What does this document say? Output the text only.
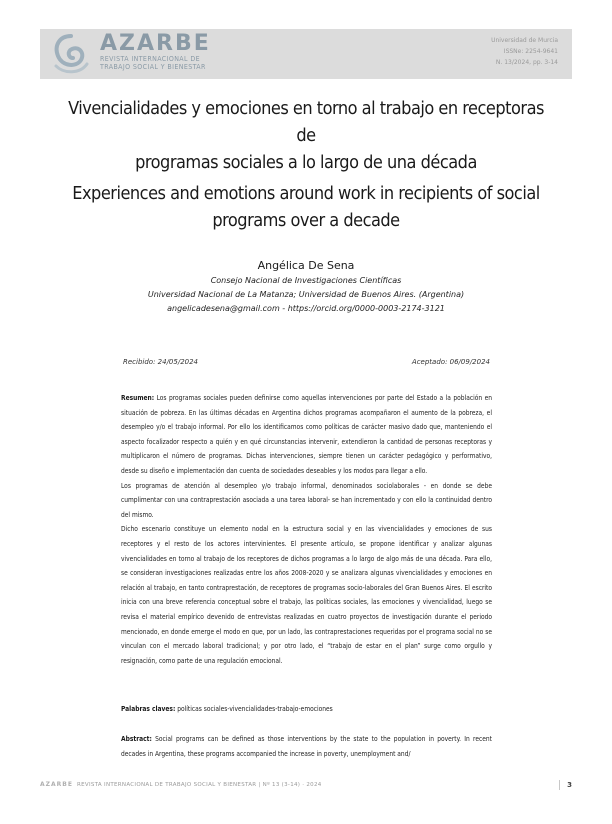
AZARBE
REVISTA INTERNACIONAL DE
TRABAJO SOCIAL Y BIENESTAR
Universidad de Murcia
ISSNe: 2254-9641
N. 13/2024, pp. 3-14
Vivencialidades y emociones en torno al trabajo en receptoras de
programas sociales a lo largo de una década
Experiences and emotions around work in recipients of social
programs over a decade
Angélica De Sena
Consejo Nacional de Investigaciones Científicas
Universidad Nacional de La Matanza; Universidad de Buenos Aires. (Argentina)
angelicadesena@gmail.com - https://orcid.org/0000-0003-2174-3121
Recibido: 24/05/2024	Aceptado: 06/09/2024

Resumen: Los programas sociales pueden definirse como aquellas intervenciones por parte del Estado a la población en situación de pobreza. En las últimas décadas en Argentina dichos programas acompañaron el aumento de la pobreza, el desempleo y/o el trabajo informal. Por ello los identificamos como políticas de carácter masivo dado que, manteniendo el aspecto focalizador respecto a quién y en qué circunstancias intervenir, extendieron la cantidad de personas receptoras y multiplicaron el número de programas. Dichas intervenciones, siempre tienen un carácter pedagógico y performativo, desde su diseño e implementación dan cuenta de sociedades deseables y los modos para llegar a ello.

Los programas de atención al desempleo y/o trabajo informal, denominados sociolaborales - en donde se debe cumplimentar con una contraprestación asociada a una tarea laboral- se han incrementado y con ello la continuidad dentro del mismo.

Dicho escenario constituye un elemento nodal en la estructura social y en las vivencialidades y emociones de sus receptores y el resto de los actores intervinientes. El presente artículo, se propone identificar y analizar algunas vivencialidades en torno al trabajo de los receptores de dichos programas a lo largo de algo más de una década. Para ello, se consideran investigaciones realizadas entre los años 2008-2020 y se analizara algunas vivencialidades y emociones en relación al trabajo, en tanto contraprestación, de receptores de programas socio-laborales del Gran Buenos Aires. El escrito inicia con una breve referencia conceptual sobre el trabajo, las políticas sociales, las emociones y vivencialidad, luego se revisa el material empírico devenido de entrevistas realizadas en cuatro proyectos de investigación durante el periodo mencionado, en donde emerge el modo en que, por un lado, las contraprestaciones requeridas por el programa social no se vinculan con el mercado laboral tradicional; y por otro lado, el “trabajo de estar en el plan” surge como orgullo y resignación, como parte de una regulación emocional.

Palabras claves: políticas sociales-vivencialidades-trabajo-emociones

Abstract: Social programs can be defined as those interventions by the state to the population in poverty. In recent decades in Argentina, these programs accompanied the increase in poverty, unemployment and/

AZARBE REVISTA INTERNACIONAL DE TRABAJO SOCIAL Y BIENESTAR | Nº 13 (3-14) · 2024	3
